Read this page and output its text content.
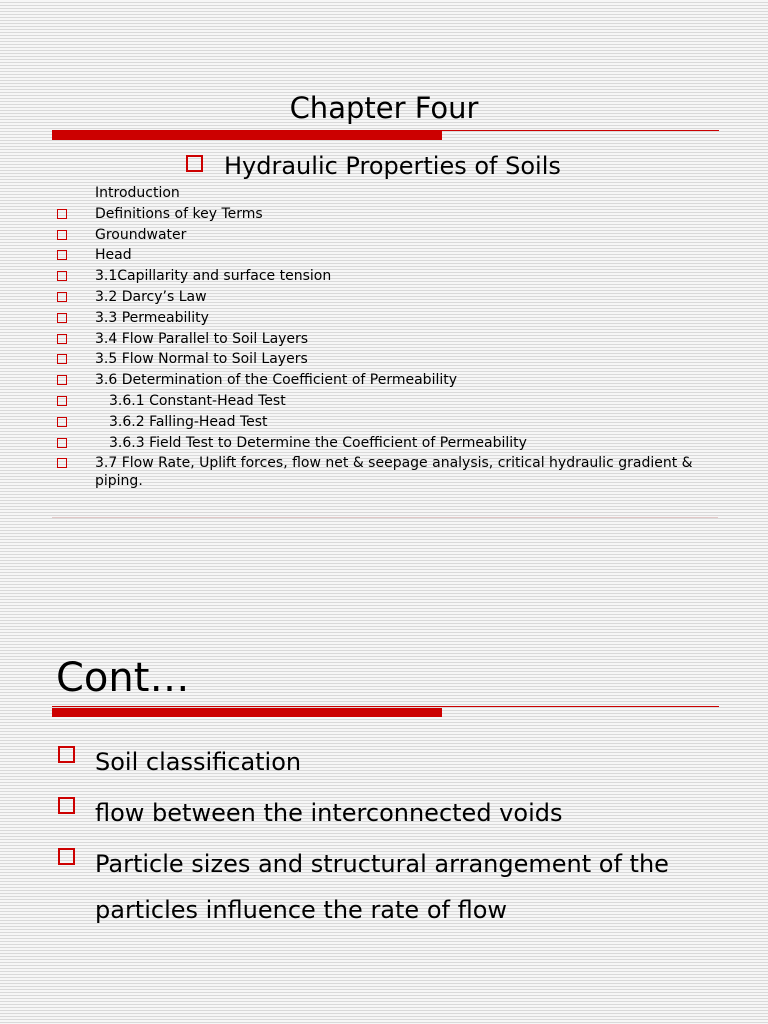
Chapter Four
Hydraulic Properties of Soils
Introduction
Definitions of key Terms
Groundwater
Head
3.1Capillarity and surface tension
3.2 Darcy’s Law
3.3 Permeability
3.4 Flow Parallel to Soil Layers
3.5 Flow Normal to Soil Layers
3.6 Determination of the Coefficient of Permeability
3.6.1 Constant-Head Test
3.6.2 Falling-Head Test
3.6.3 Field Test to Determine the Coefficient of Permeability
3.7 Flow Rate, Uplift forces, flow net & seepage analysis, critical hydraulic gradient & piping.
Cont…
Soil classification
flow between the interconnected voids
Particle sizes and structural arrangement of the particles influence the rate of flow
